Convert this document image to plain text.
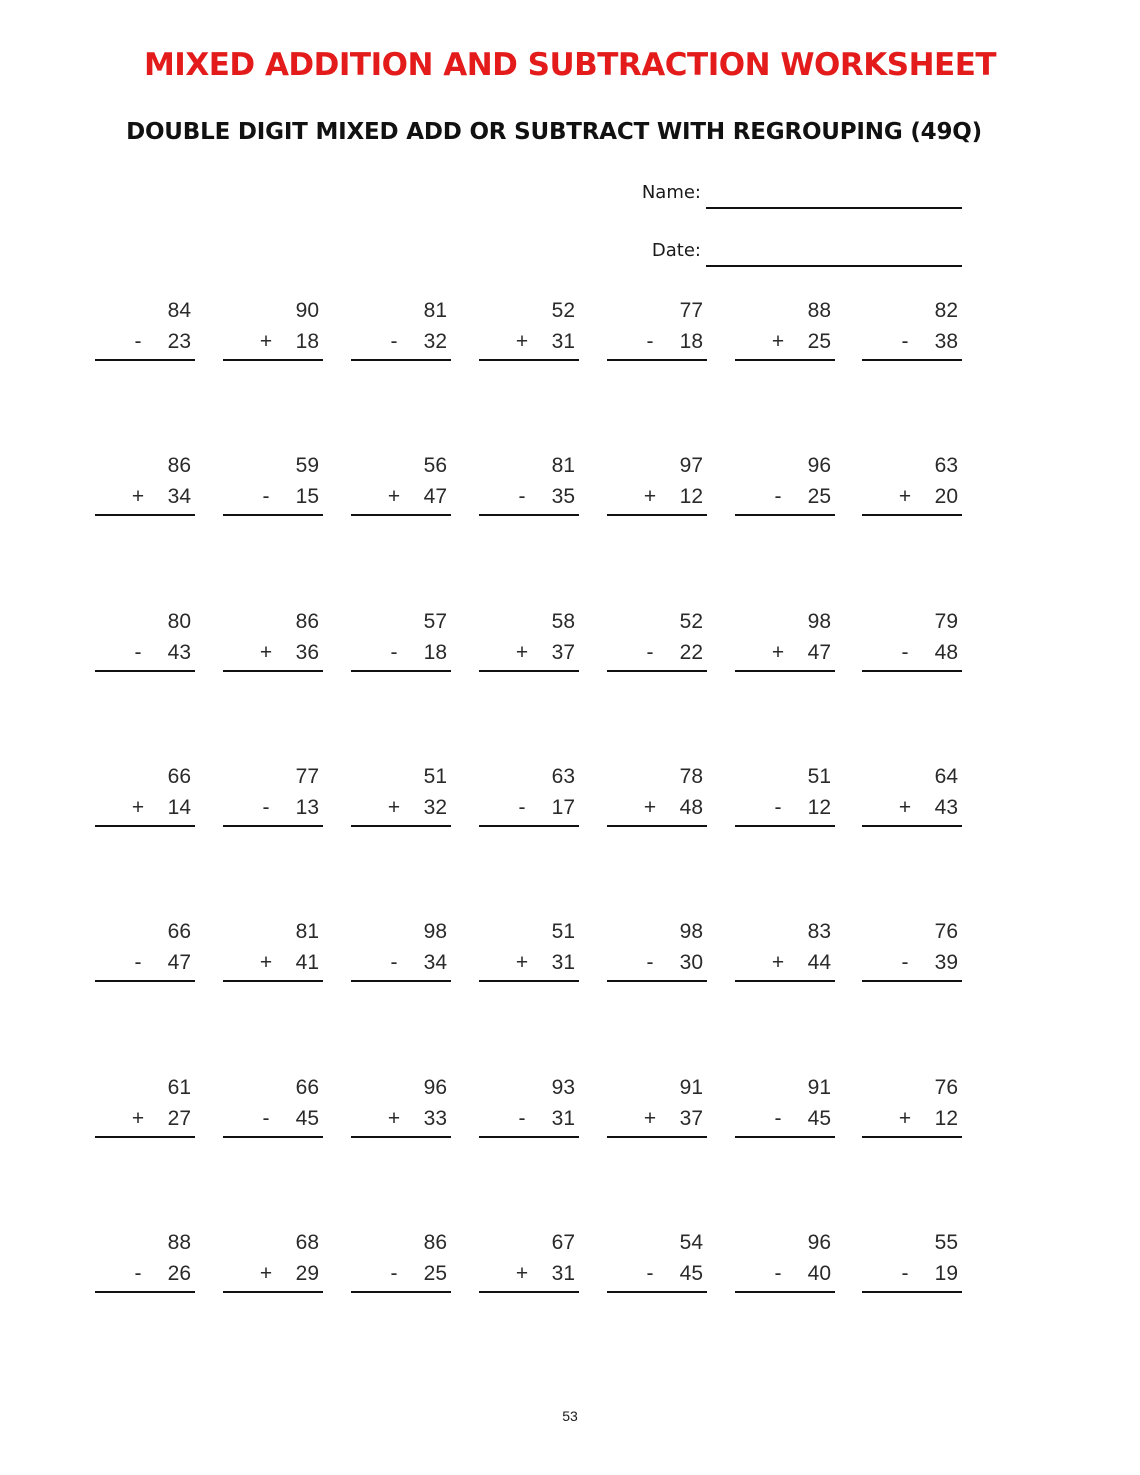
MIXED ADDITION AND SUBTRACTION WORKSHEET
DOUBLE DIGIT MIXED ADD OR SUBTRACT WITH REGROUPING (49Q)
Name:
Date:
84
- 23
90
+ 18
81
- 32
52
+ 31
77
- 18
88
+ 25
82
- 38
86
+ 34
59
- 15
56
+ 47
81
- 35
97
+ 12
96
- 25
63
+ 20
80
- 43
86
+ 36
57
- 18
58
+ 37
52
- 22
98
+ 47
79
- 48
66
+ 14
77
- 13
51
+ 32
63
- 17
78
+ 48
51
- 12
64
+ 43
66
- 47
81
+ 41
98
- 34
51
+ 31
98
- 30
83
+ 44
76
- 39
61
+ 27
66
- 45
96
+ 33
93
- 31
91
+ 37
91
- 45
76
+ 12
88
- 26
68
+ 29
86
- 25
67
+ 31
54
- 45
96
- 40
55
- 19
53
